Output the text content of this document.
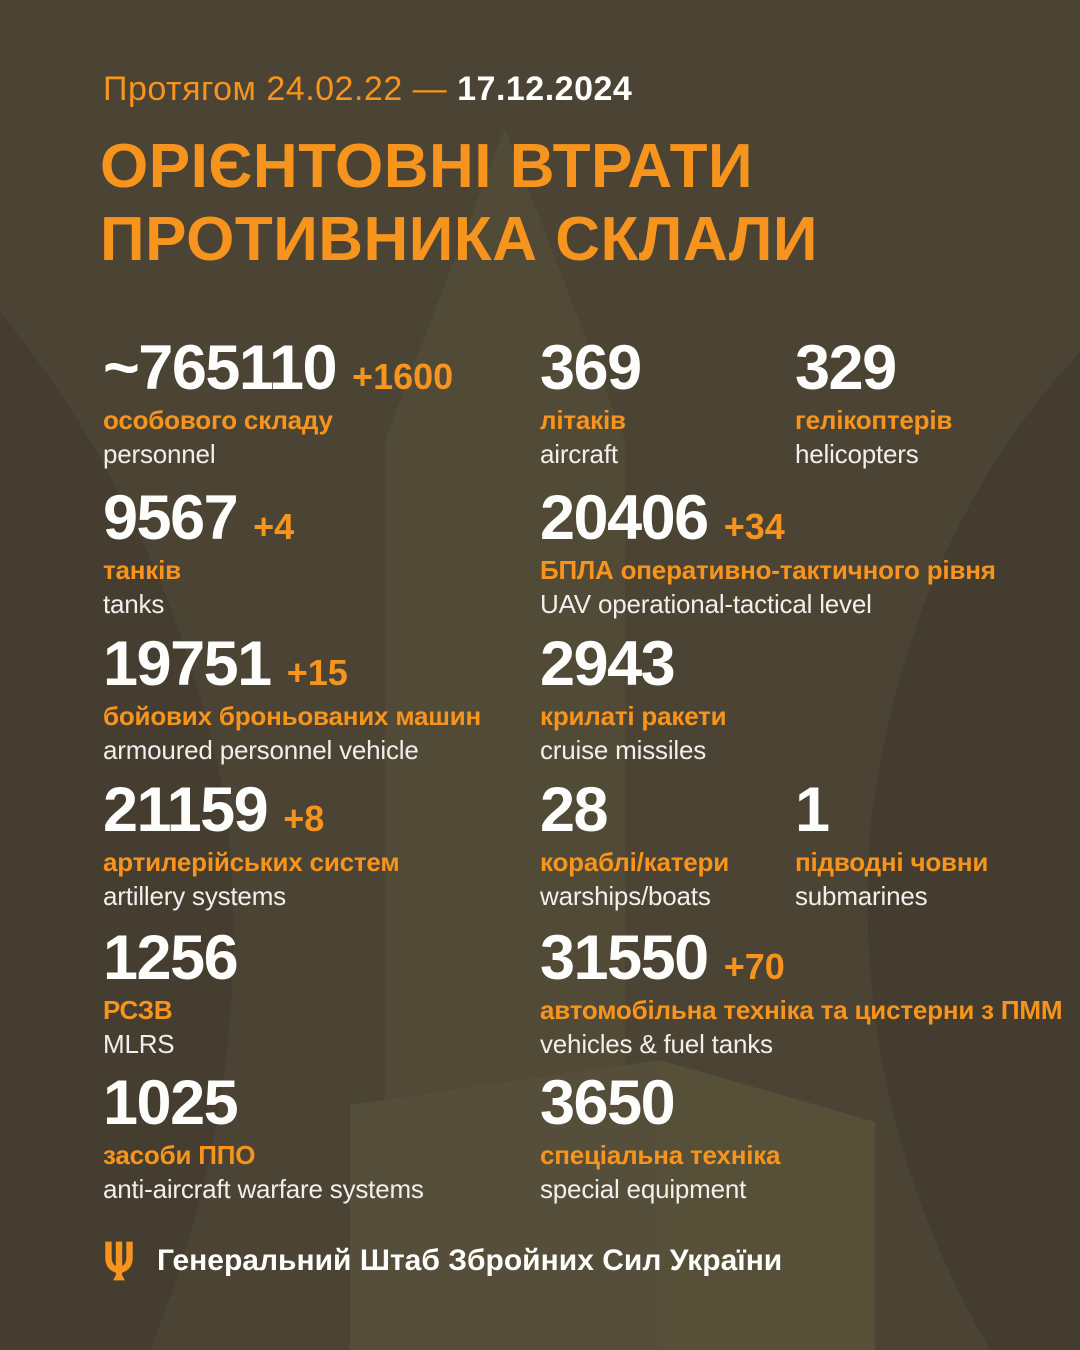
Протягом 24.02.22 — 17.12.2024
ОРІЄНТОВНІ ВТРАТИ
ПРОТИВНИКА СКЛАЛИ
~765110 +1600
особового складу
personnel
369
літаків
aircraft
329
гелікоптерів
helicopters
9567 +4
танків
tanks
20406 +34
БПЛА оперативно-тактичного рівня
UAV operational-tactical level
19751 +15
бойових броньованих машин
armoured personnel vehicle
2943
крилаті ракети
cruise missiles
21159 +8
артилерійських систем
artillery systems
28
кораблі/катери
warships/boats
1
підводні човни
submarines
1256
РСЗВ
MLRS
31550 +70
автомобільна техніка та цистерни з ПММ
vehicles & fuel tanks
1025
засоби ППО
anti-aircraft warfare systems
3650
спеціальна техніка
special equipment
Генеральний Штаб Збройних Сил України
